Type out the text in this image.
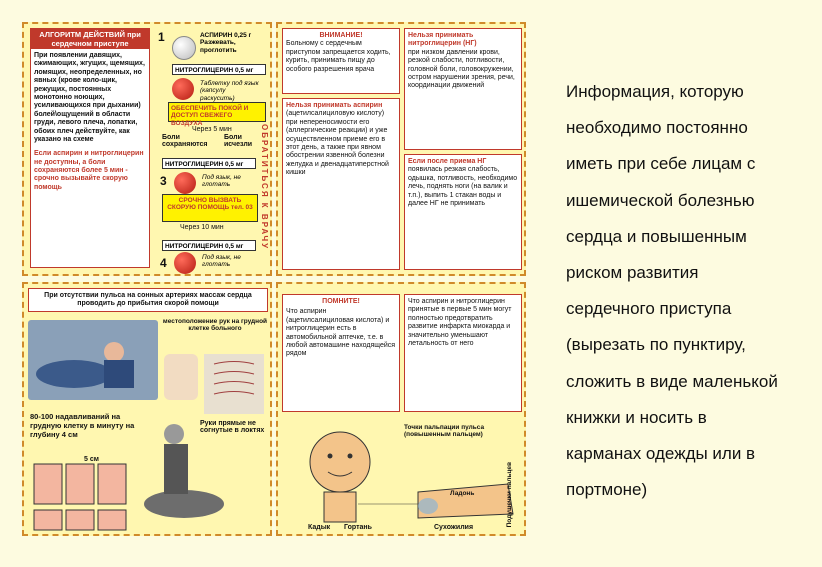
АЛГОРИТМ ДЕЙСТВИЙ при сердечном приступе
При появлении давящих, сжимающих, жгущих, щемящих, ломящих, неопределенных, но явных (крове коло-щик, режущих, постоянных монотонно ноющих, усиливающихся при дыхании) болей\ощущений в области груди, левого плеча, лопатки, обоих плеч действуйте, как указано на схеме
Если аспирин и нитроглицерин не доступны, а боли сохраняются более 5 мин - срочно вызывайте скорую помощь
1	АСПИРИН 0,25 г Разжевать, проглотить
НИТРОГЛИЦЕРИН 0,5 мг
Таблетку под язык (капсулу раскусить)
ОБЕСПЕЧИТЬ ПОКОЙ И ДОСТУП СВЕЖЕГО ВОЗДУХА
Через 5 мин
Боли сохраняются
Боли исчезли
НИТРОГЛИЦЕРИН 0,5 мг
3	Под язык, не глотать
СРОЧНО ВЫЗВАТЬ СКОРУЮ ПОМОЩЬ тел. 03
Через 10 мин
НИТРОГЛИЦЕРИН 0,5 мг
4	Под язык, не глотать
ОБРАТИТЬСЯ К ВРАЧУ
ВНИМАНИЕ!
Больному с сердечным приступом запрещается ходить, курить, принимать пищу до особого разрешения врача
Нельзя принимать аспирин
(ацетилсалициловую кислоту) при непереносимости его (аллергические реакции) и уже осуществленном приеме его в этот день, а также при явном обострении язвенной болезни желудка и двенадцатиперстной кишки
Нельзя принимать нитроглицерин (НГ)
при низком давлении крови, резкой слабости, потливости, головной боли, головокружении, остром нарушении зрения, речи, координации движений
Если после приема НГ
появилась резкая слабость, одышка, потливость, необходимо лечь, поднять ноги (на валик и т.п.), выпить 1 стакан воды и далее НГ не принимать
При отсутствии пульса на сонных артериях массаж сердца проводить до прибытия скорой помощи
местоположение рук на грудной клетке больного
80-100 надавливаний на грудную клетку в минуту на глубину 4 см
5 см
Руки прямые не согнутые в локтях
ПОМНИТЕ!
Что аспирин (ацетилсалициловая кислота) и нитроглицерин есть в автомобильной аптечке, т.е. в любой автомашине находящейся рядом
Что аспирин и нитроглицерин принятые в первые 5 мин могут полностью предотвратить развитие инфаркта миокарда и значительно уменьшают летальность от него
Точки пальпации пульса (повышенным пальцем)
Ладонь	Подушечки пальцев
Кадык Гортань	Сухожилия
Информация, которую
необходимо постоянно
иметь при себе лицам с
ишемической болезнью
сердца и повышенным
риском развития
сердечного приступа
(вырезать по пунктиру,
сложить в виде маленькой
книжки и носить в
карманах одежды или в
портмоне)
